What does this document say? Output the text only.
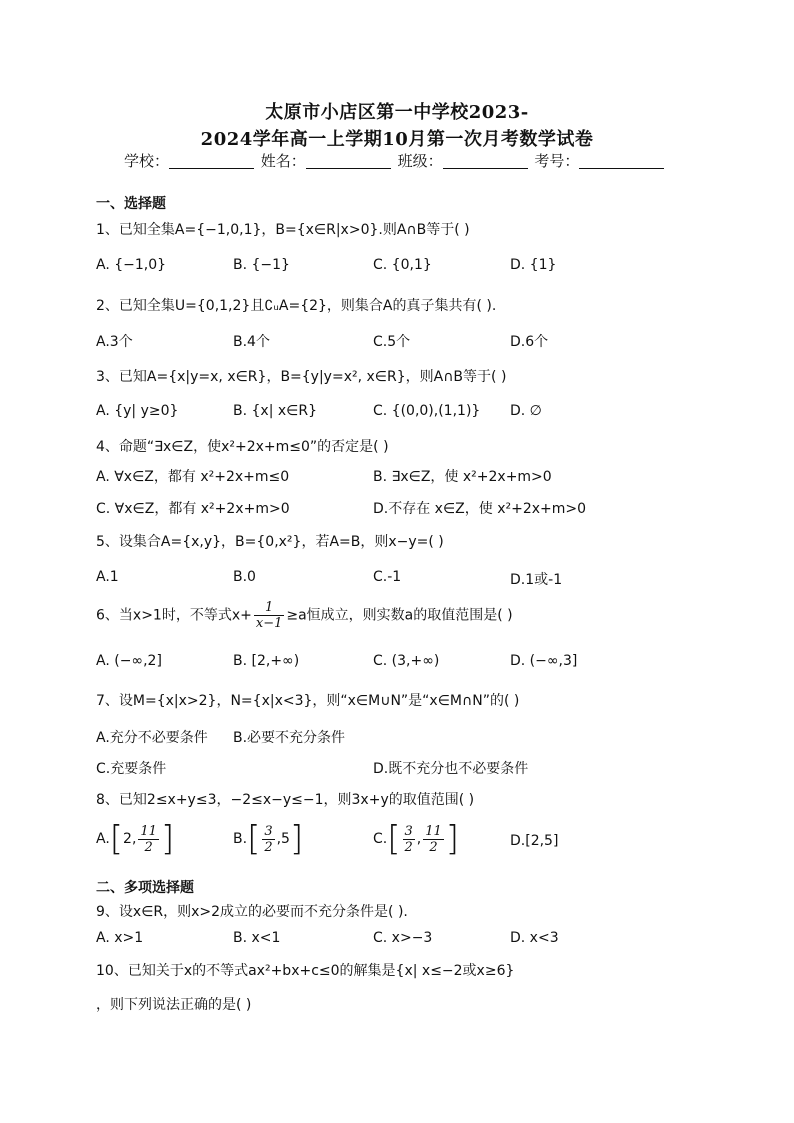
太原市小店区第一中学校2023-
2024学年高一上学期10月第一次月考数学试卷
学校：	姓名：	班级：	考号：
一、选择题
1、已知全集A={−1,0,1}，B={x∈R|x>0}.则A∩B等于( )
A. {−1,0}	B. {−1}	C. {0,1}	D. {1}
2、已知全集U={0,1,2}且∁ᵤA={2}，则集合A的真子集共有( ).
A.3个	B.4个	C.5个	D.6个
3、已知A={x|y=x, x∈R}，B={y|y=x², x∈R}，则A∩B等于( )
A. {y| y≥0}	B. {x| x∈R}	C. {(0,0),(1,1)} D. ∅
4、命题“∃x∈Z，使x²+2x+m≤0”的否定是( )
A. ∀x∈Z，都有 x²+2x+m≤0	B. ∃x∈Z，使 x²+2x+m>0
C. ∀x∈Z，都有 x²+2x+m>0	D.不存在 x∈Z，使 x²+2x+m>0
5、设集合A={x,y}，B={0,x²}，若A=B，则x−y=( )
A.1	B.0	C.-1	D.1或-1
6、当x>1时，不等式$x+ \frac{1}{x-1} \ge a$恒成立，则实数a的取值范围是( )
A. (−∞,2]	B. [2,+∞)	C. (3,+∞)	D. (−∞,3]
7、设M={x|x>2}，N={x|x<3}，则“x∈M∪N”是“x∈M∩N”的( )
A.充分不必要条件 B.必要不充分条件
C.充要条件	D.既不充分也不必要条件
8、已知2≤x+y≤3，−2≤x−y≤−1，则3x+y的取值范围( )
A.[2, $\frac{11}{2}$ ]	$B.[ \frac{3}{2} ,5]$	$C.[ \frac{3}{2}$ , $\frac{11}{2}$ ]	D.[2,5]
二、多项选择题
9、设x∈R，则x>2成立的必要而不充分条件是( ).
A. x>1	B. x<1	C. x>−3	D. x<3
10、已知关于x的不等式ax²+bx+c≤0的解集是{x| x≤−2或x≥6}
，则下列说法正确的是( )
